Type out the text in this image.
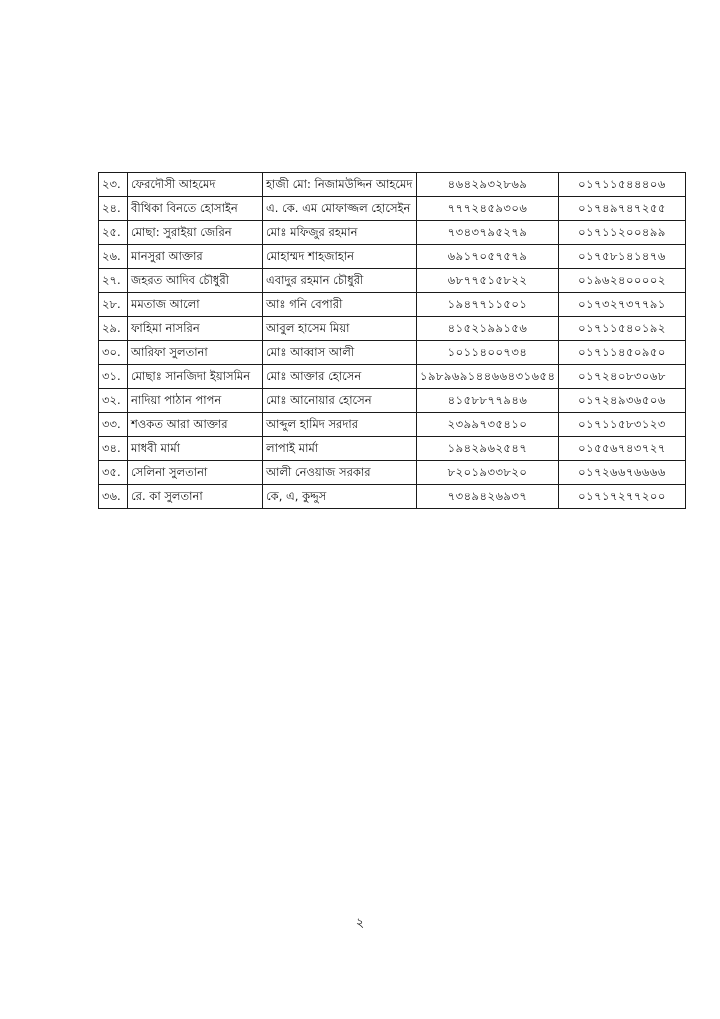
২৩.	ফেরদৌসী আহমেদ	হাজী মো: নিজামউদ্দিন আহমেদ	৪৬৪২৯৩২৮৬৯	০১৭১১৫৪৪৪০৬
২৪.	বীথিকা বিনতে হোসাইন	এ. কে. এম মোফাজ্জল হোসেইন	৭৭৭২৪৫৯৩০৬	০১৭৪৯৭৪৭২৫৫
২৫.	মোছা: সুরাইয়া জেরিন	মোঃ মফিজুর রহমান	৭৩৪৩৭৯৫২৭৯	০১৭১১২০০৪৯৯
২৬.	মানসুরা আক্তার	মোহাম্মদ শাহজাহান	৬৯১৭০৫৭৫৭৯	০১৭৫৮১৪১৪৭৬
২৭.	জহরত আদিব চৌধুরী	এবাদুর রহমান চৌধুরী	৬৮৭৭৫১৫৮২২	০১৯৬২৪০০০০২
২৮.	মমতাজ আলো	আঃ গনি বেপারী	১৯৪৭৭১১৫০১	০১৭৩২৭৩৭৭৯১
২৯.	ফাহিমা নাসরিন	আবুল হাসেম মিয়া	৪১৫২১৯৯১৫৬	০১৭১১৫৪০১৯২
৩০.	আরিফা সুলতানা	মোঃ আব্বাস আলী	১০১১৪০০৭৩৪	০১৭১১৪৫০৯৫০
৩১.	মোছাঃ সানজিদা ইয়াসমিন	মোঃ আক্তার হোসেন	১৯৮৯৬৯১৪৪৬৬৪৩১৬৫৪	০১৭২৪০৮৩০৬৮
৩২.	নাদিয়া পাঠান পাপন	মোঃ আনোয়ার হোসেন	৪১৫৮৮৭৭৯৪৬	০১৭২৪৯৩৬৫০৬
৩৩.	শওকত আরা আক্তার	আব্দুল হামিদ সরদার	২৩৯৯৭৩৫৪১০	০১৭১১৫৮৩১২৩
৩৪.	মাধবী মার্মা	লাপাই মার্মা	১৯৪২৯৬২৫৪৭	০১৫৫৬৭৪৩৭২৭
৩৫.	সেলিনা সুলতানা	আলী নেওয়াজ সরকার	৮২০১৯৩৩৮২০	০১৭২৬৬৭৬৬৬৬
৩৬.	রে. কা সুলতানা	কে, এ, কুদ্দুস	৭৩৪৯৪২৬৯৩৭	০১৭১৭২৭৭২০০
২
